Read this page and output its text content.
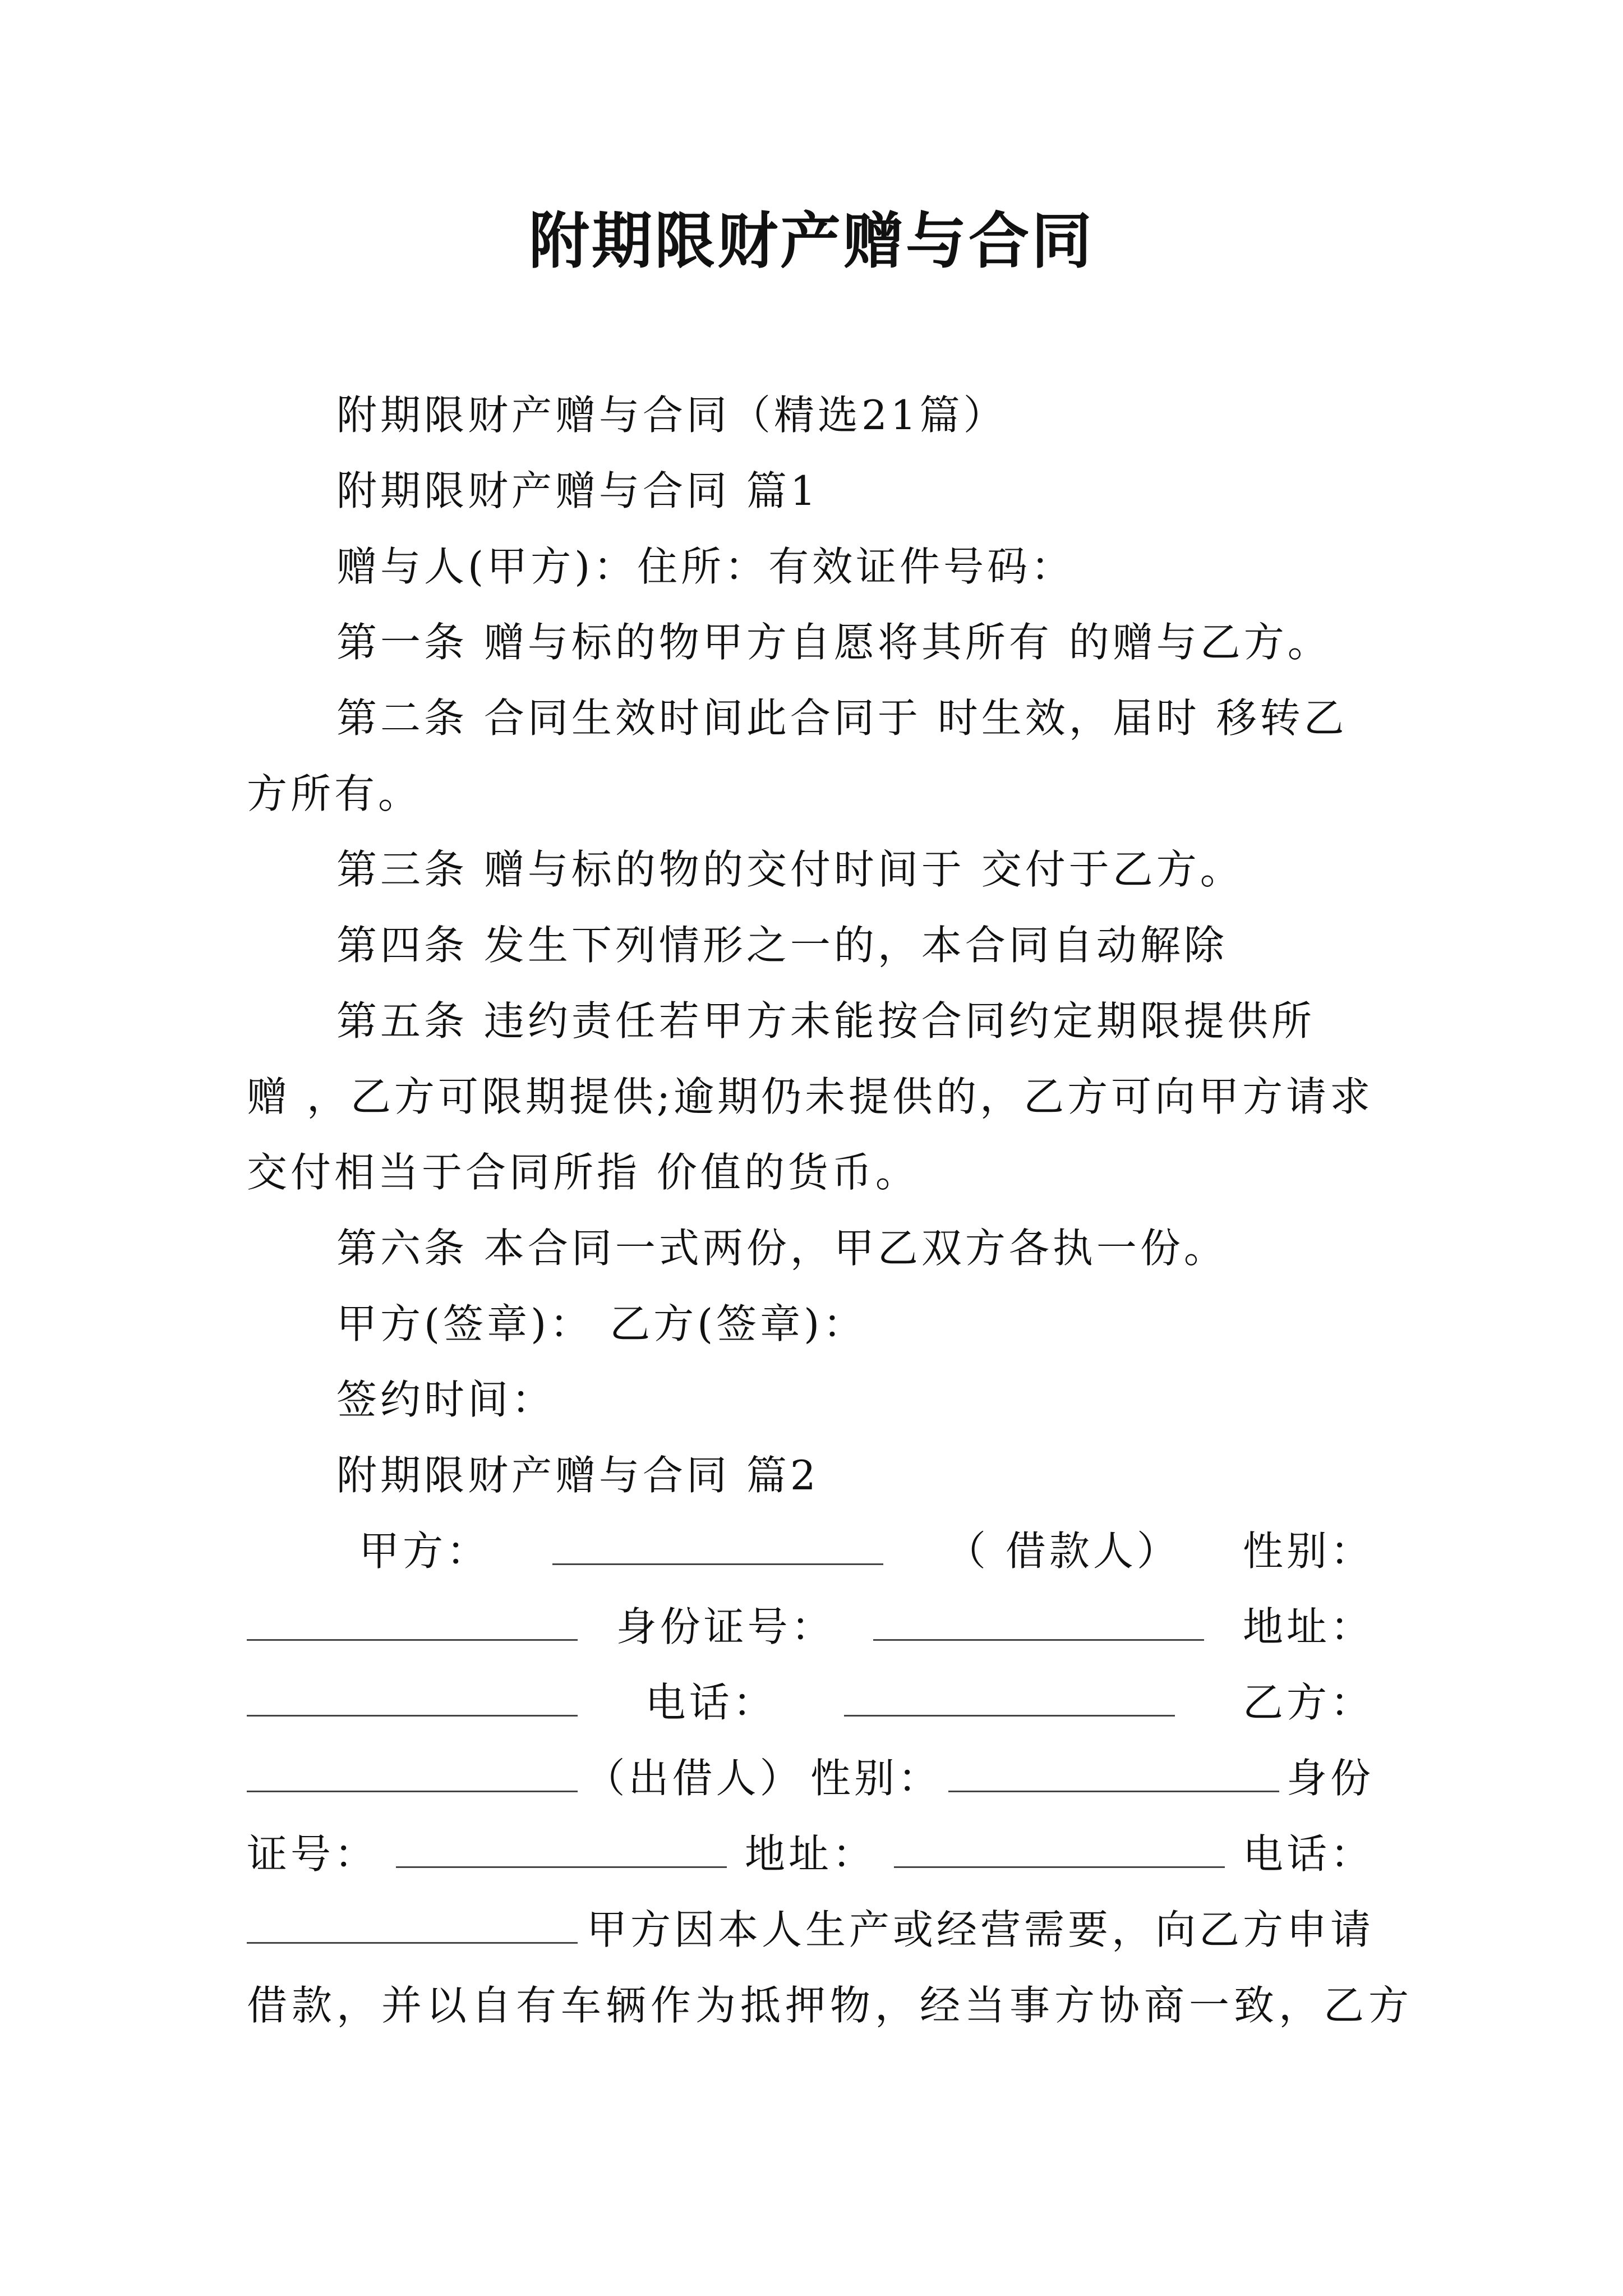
附期限财产赠与合同
附期限财产赠与合同（精选21篇）
附期限财产赠与合同 篇1
赠与人(甲方)：住所：有效证件号码：
第一条 赠与标的物甲方自愿将其所有 的赠与乙方。
第二条 合同生效时间此合同于 时生效，届时 移转乙
方所有。
第三条 赠与标的物的交付时间于 交付于乙方。
第四条 发生下列情形之一的，本合同自动解除
第五条 违约责任若甲方未能按合同约定期限提供所
赠 ，乙方可限期提供;逾期仍未提供的，乙方可向甲方请求
交付相当于合同所指 价值的货币。
第六条 本合同一式两份，甲乙双方各执一份。
甲方(签章)： 乙方(签章)：
签约时间：
附期限财产赠与合同 篇2
甲方：	（ 借款人） 性别：
身份证号：	地址：
电话：	乙方：
（出借人） 性别：	身份
证号：	地址：	电话：
甲方因本人生产或经营需要，向乙方申请
借款，并以自有车辆作为抵押物，经当事方协商一致，乙方
